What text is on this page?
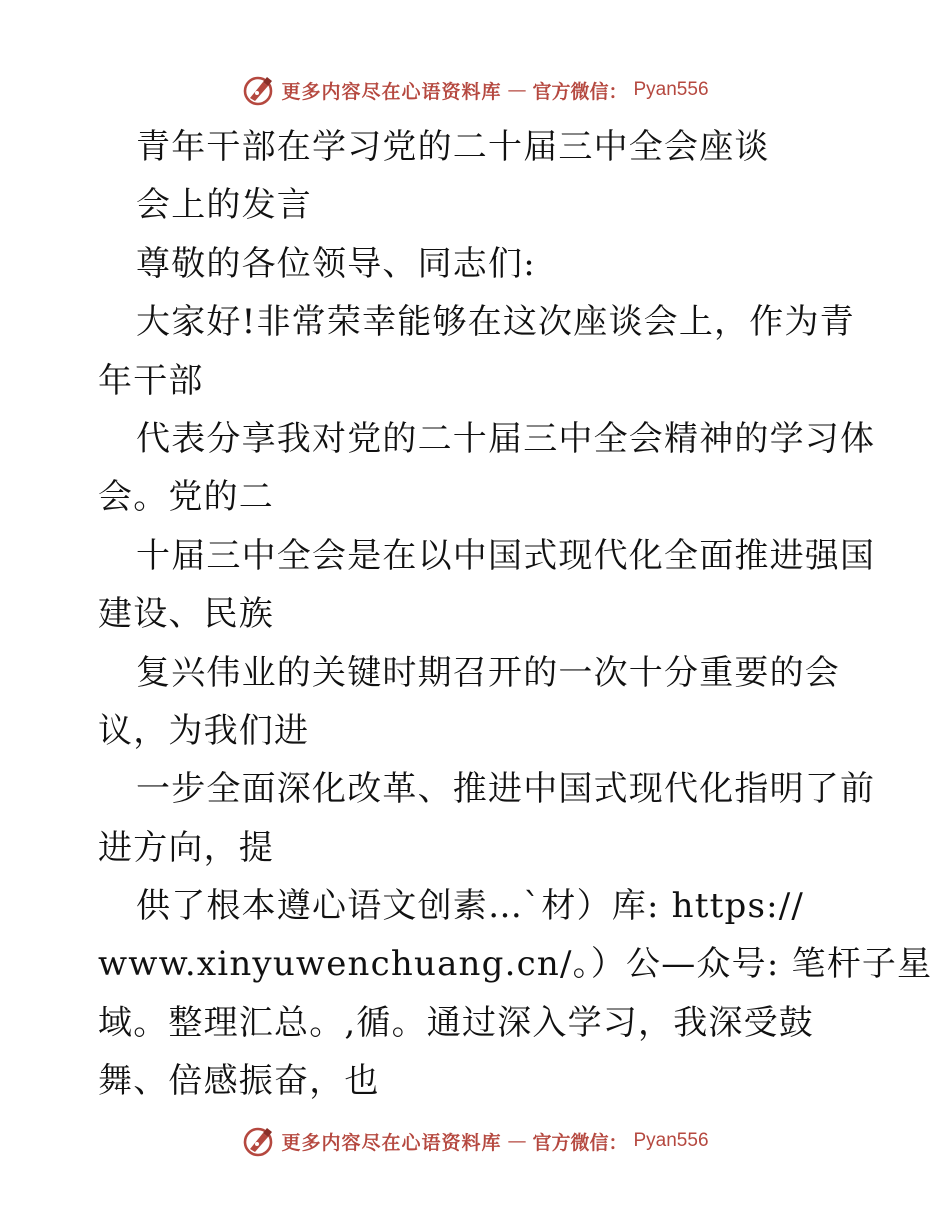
更多内容尽在心语资料库 — 官方微信： Pyan556
青年干部在学习党的二十届三中全会座谈
会上的发言
尊敬的各位领导、同志们:
大家好!非常荣幸能够在这次座谈会上，作为青
年干部
代表分享我对党的二十届三中全会精神的学习体
会。党的二
十届三中全会是在以中国式现代化全面推进强国
建设、民族
复兴伟业的关键时期召开的一次十分重要的会
议，为我们进
一步全面深化改革、推进中国式现代化指明了前
进方向，提
供了根本遵心语文创素…`材）库: https://
www.xinyuwenchuang.cn/。）公—众号: 笔杆子星
域。整理汇总。,循。通过深入学习，我深受鼓
舞、倍感振奋，也
更多内容尽在心语资料库 — 官方微信： Pyan556
